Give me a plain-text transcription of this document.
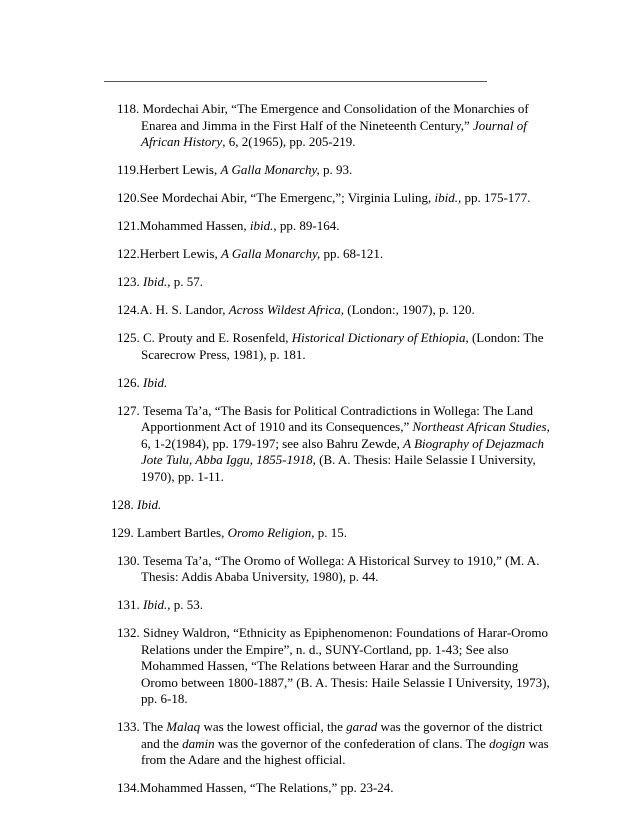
118. Mordechai Abir, “The Emergence and Consolidation of the Monarchies of Enarea and Jimma in the First Half of the Nineteenth Century,” Journal of African History, 6, 2(1965), pp. 205-219.

119.Herbert Lewis, A Galla Monarchy, p. 93.

120.See Mordechai Abir, “The Emergenc,”; Virginia Luling, ibid., pp. 175-177.

121.Mohammed Hassen, ibid., pp. 89-164.

122.Herbert Lewis, A Galla Monarchy, pp. 68-121.

123. Ibid., p. 57.

124.A. H. S. Landor, Across Wildest Africa, (London:, 1907), p. 120.

125. C. Prouty and E. Rosenfeld, Historical Dictionary of Ethiopia, (London: The Scarecrow Press, 1981), p. 181.

126. Ibid.

127. Tesema Ta’a, “The Basis for Political Contradictions in Wollega: The Land Apportionment Act of 1910 and its Consequences,” Northeast African Studies, 6, 1-2(1984), pp. 179-197; see also Bahru Zewde, A Biography of Dejazmach Jote Tulu, Abba Iggu, 1855-1918, (B. A. Thesis: Haile Selassie I University, 1970), pp. 1-11.

128. Ibid.

129. Lambert Bartles, Oromo Religion, p. 15.

130. Tesema Ta’a, “The Oromo of Wollega: A Historical Survey to 1910,” (M. A. Thesis: Addis Ababa University, 1980), p. 44.

131. Ibid., p. 53.

132. Sidney Waldron, “Ethnicity as Epiphenomenon: Foundations of Harar-Oromo Relations under the Empire”, n. d., SUNY-Cortland, pp. 1-43; See also Mohammed Hassen, “The Relations between Harar and the Surrounding Oromo between 1800-1887,” (B. A. Thesis: Haile Selassie I University, 1973), pp. 6-18.

133. The Malaq was the lowest official, the garad was the governor of the district and the damin was the governor of the confederation of clans. The dogign was from the Adare and the highest official.

134.Mohammed Hassen, “The Relations,” pp. 23-24.
